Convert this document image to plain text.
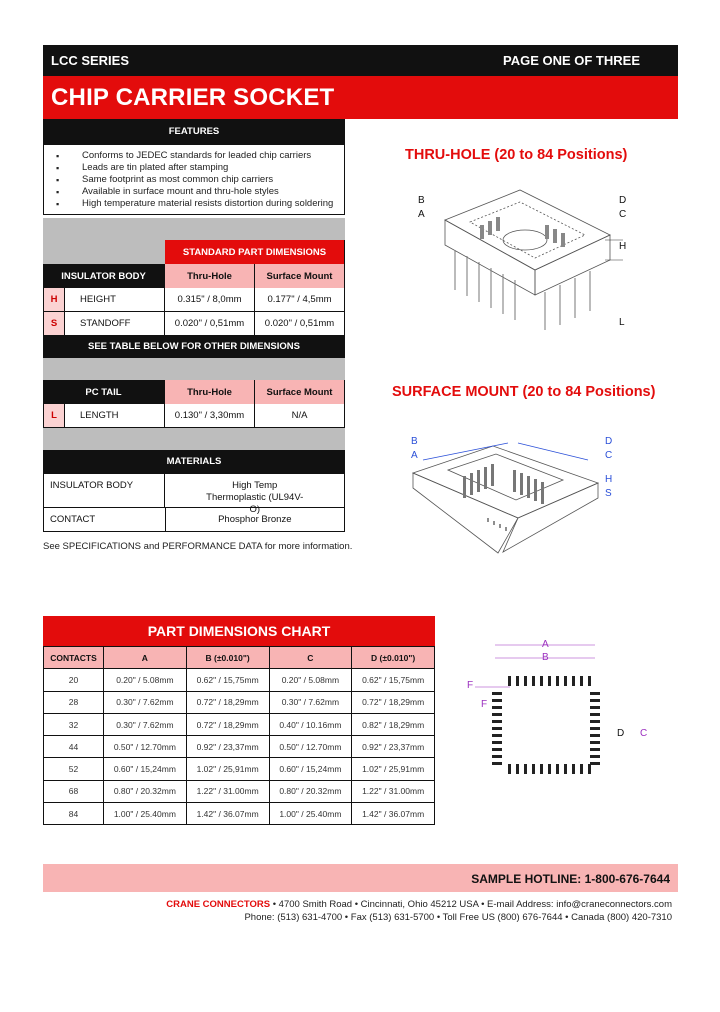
LCC SERIES	PAGE ONE OF THREE
CHIP CARRIER SOCKET
FEATURES
▪ Conforms to JEDEC standards for leaded chip carriers
▪ Leads are tin plated after stamping
▪ Same footprint as most common chip carriers
▪ Available in surface mount and thru-hole styles
▪ High temperature material resists distortion during soldering
STANDARD PART DIMENSIONS
INSULATOR BODY	Thru-Hole	Surface Mount
H	HEIGHT	0.315" / 8,0mm	0.177" / 4,5mm
S	STANDOFF	0.020" / 0,51mm	0.020" / 0,51mm
SEE TABLE BELOW FOR OTHER DIMENSIONS
PC TAIL	Thru-Hole	Surface Mount
L	LENGTH	0.130" / 3,30mm	N/A
MATERIALS
INSULATOR BODY	High Temp Thermoplastic (UL94V-O)
CONTACT	Phosphor Bronze
See SPECIFICATIONS and PERFORMANCE DATA for more information.
THRU-HOLE (20 to 84 Positions)
B
A
D
C
H
L
SURFACE MOUNT (20 to 84 Positions)
B
A
D
C
H
S
A
B
F
F
D C
PART DIMENSIONS CHART
CONTACTS	A	B (±0.010")	C	D (±0.010")
20	0.20" / 5.08mm	0.62" / 15,75mm	0.20" / 5.08mm	0.62" / 15,75mm
28	0.30" / 7.62mm	0.72" / 18,29mm	0.30" / 7.62mm	0.72" / 18,29mm
32	0.30" / 7.62mm	0.72" / 18,29mm	0.40" / 10.16mm	0.82" / 18,29mm
44	0.50" / 12.70mm	0.92" / 23,37mm	0.50" / 12.70mm	0.92" / 23,37mm
52	0.60" / 15,24mm	1.02" / 25,91mm	0.60" / 15,24mm	1.02" / 25,91mm
68	0.80" / 20.32mm	1.22" / 31.00mm	0.80" / 20.32mm	1.22" / 31.00mm
84	1.00" / 25.40mm	1.42" / 36.07mm	1.00" / 25.40mm	1.42" / 36.07mm
SAMPLE HOTLINE: 1-800-676-7644
CRANE CONNECTORS • 4700 Smith Road • Cincinnati, Ohio 45212 USA • E-mail Address: info@craneconnectors.com
Phone: (513) 631-4700 • Fax (513) 631-5700 • Toll Free US (800) 676-7644 • Canada (800) 420-7310
